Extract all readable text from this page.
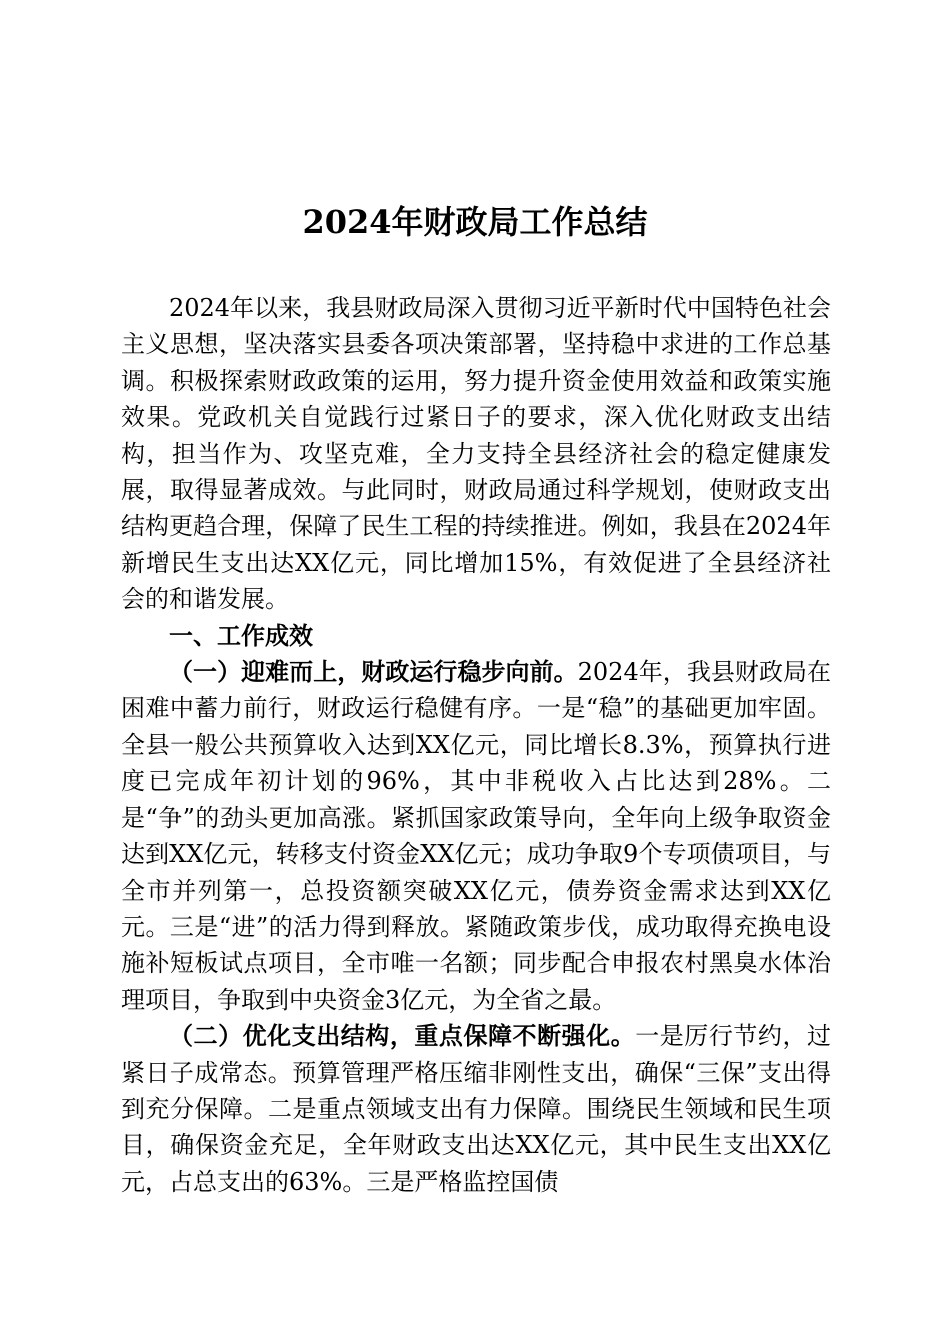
2024年财政局工作总结

2024年以来，我县财政局深入贯彻习近平新时代中国特色社会主义思想，坚决落实县委各项决策部署，坚持稳中求进的工作总基调。积极探索财政政策的运用，努力提升资金使用效益和政策实施效果。党政机关自觉践行过紧日子的要求，深入优化财政支出结构，担当作为、攻坚克难，全力支持全县经济社会的稳定健康发展，取得显著成效。与此同时，财政局通过科学规划，使财政支出结构更趋合理，保障了民生工程的持续推进。例如，我县在2024年新增民生支出达XX亿元，同比增加15%，有效促进了全县经济社会的和谐发展。

一、工作成效

（一）迎难而上，财政运行稳步向前。2024年，我县财政局在困难中蓄力前行，财政运行稳健有序。一是“稳”的基础更加牢固。全县一般公共预算收入达到XX亿元，同比增长8.3%，预算执行进度已完成年初计划的96%，其中非税收入占比达到28%。二是“争”的劲头更加高涨。紧抓国家政策导向，全年向上级争取资金达到XX亿元，转移支付资金XX亿元；成功争取9个专项债项目，与全市并列第一，总投资额突破XX亿元，债券资金需求达到XX亿元。三是“进”的活力得到释放。紧随政策步伐，成功取得充换电设施补短板试点项目，全市唯一名额；同步配合申报农村黑臭水体治理项目，争取到中央资金3亿元，为全省之最。

（二）优化支出结构，重点保障不断强化。一是厉行节约，过紧日子成常态。预算管理严格压缩非刚性支出，确保“三保”支出得到充分保障。二是重点领域支出有力保障。围绕民生领域和民生项目，确保资金充足，全年财政支出达XX亿元，其中民生支出XX亿元，占总支出的63%。三是严格监控国债
